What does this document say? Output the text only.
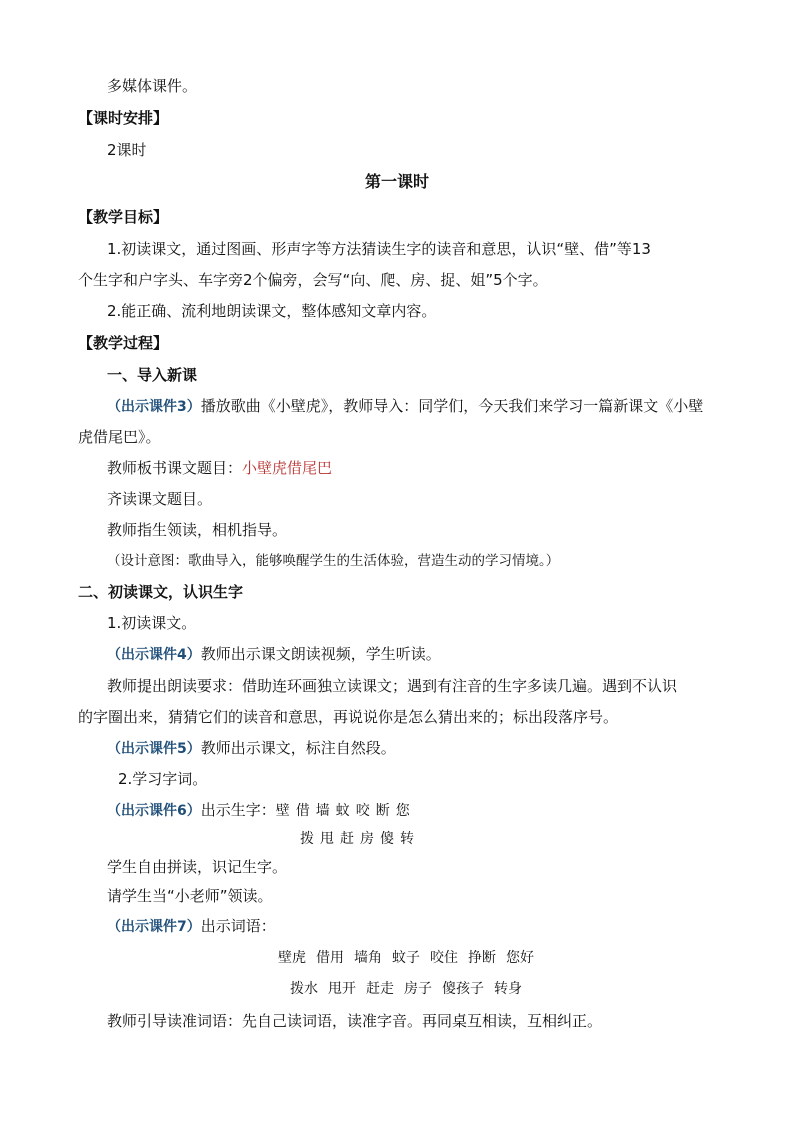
多媒体课件。
【课时安排】
2课时
第一课时
【教学目标】
1.初读课文，通过图画、形声字等方法猜读生字的读音和意思，认识“壁、借”等13
个生字和户字头、车字旁2个偏旁，会写“向、爬、房、捉、姐”5个字。
2.能正确、流利地朗读课文，整体感知文章内容。
【教学过程】
一、导入新课
（出示课件3）播放歌曲《小壁虎》，教师导入：同学们，今天我们来学习一篇新课文《小壁
虎借尾巴》。
教师板书课文题目：小壁虎借尾巴
齐读课文题目。
教师指生领读，相机指导。
（设计意图：歌曲导入，能够唤醒学生的生活体验，营造生动的学习情境。）
二、初读课文，认识生字
1.初读课文。
（出示课件4）教师出示课文朗读视频，学生听读。
教师提出朗读要求：借助连环画独立读课文；遇到有注音的生字多读几遍。遇到不认识
的字圈出来，猜猜它们的读音和意思，再说说你是怎么猜出来的；标出段落序号。
（出示课件5）教师出示课文，标注自然段。
2.学习字词。
（出示课件6）出示生字：壁借墙蚊咬断您
拨甩赶房傻转
学生自由拼读，识记生字。
请学生当“小老师”领读。
（出示课件7）出示词语：
壁虎 借用 墙角 蚊子 咬住 挣断 您好
拨水 甩开 赶走 房子 傻孩子 转身
教师引导读准词语：先自己读词语，读准字音。再同桌互相读，互相纠正。
